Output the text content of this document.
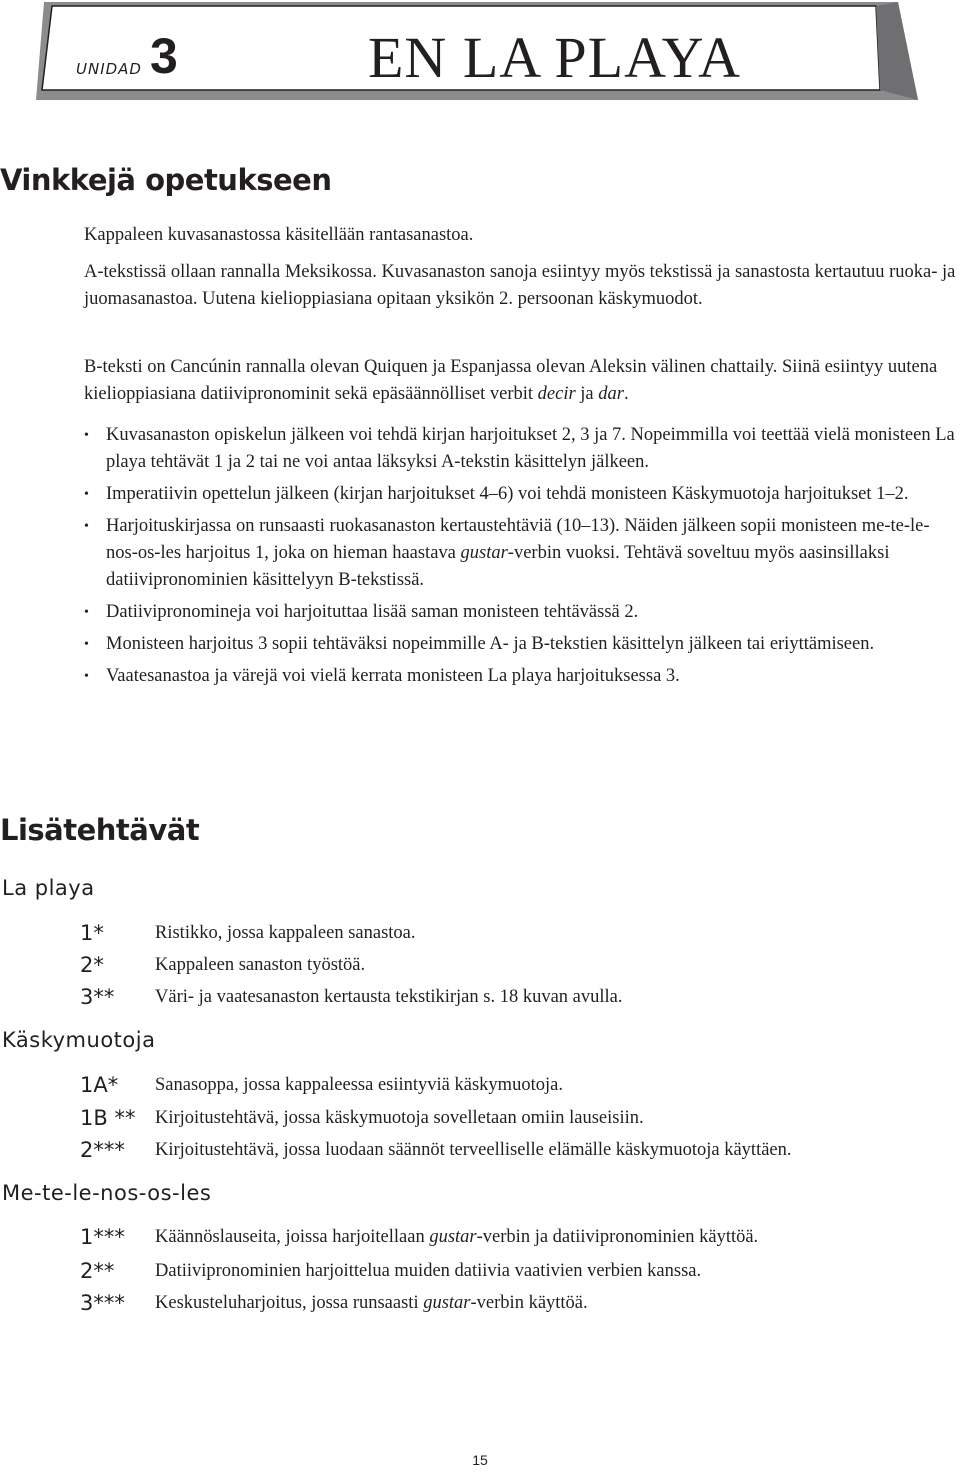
UNIDAD 3	EN LA PLAYA
Vinkkejä opetukseen

Kappaleen kuvasanastossa käsitellään rantasanastoa.

A-tekstissä ollaan rannalla Meksikossa. Kuvasanaston sanoja esiintyy myös tekstissä ja sanastosta kertautuu ruoka- ja juomasanastoa. Uutena kielioppiasiana opitaan yksikön 2. persoonan käskymuodot.

B-teksti on Cancúnin rannalla olevan Quiquen ja Espanjassa olevan Aleksin välinen chattaily. Siinä esiintyy uutena kielioppiasiana datiivipronominit sekä epäsäännölliset verbit decir ja dar.

• Kuvasanaston opiskelun jälkeen voi tehdä kirjan harjoitukset 2, 3 ja 7. Nopeimmilla voi teettää vielä monisteen La playa tehtävät 1 ja 2 tai ne voi antaa läksyksi A-tekstin käsittelyn jälkeen.
• Imperatiivin opettelun jälkeen (kirjan harjoitukset 4–6) voi tehdä monisteen Käskymuotoja harjoitukset 1–2.
• Harjoituskirjassa on runsaasti ruokasanaston kertaustehtäviä (10–13). Näiden jälkeen sopii monisteen me-te-le-nos-os-les harjoitus 1, joka on hieman haastava gustar-verbin vuoksi. Tehtävä soveltuu myös aasinsillaksi datiivipronominien käsittelyyn B-tekstissä.
• Datiivipronomineja voi harjoituttaa lisää saman monisteen tehtävässä 2.
• Monisteen harjoitus 3 sopii tehtäväksi nopeimmille A- ja B-tekstien käsittelyn jälkeen tai eriyttämiseen.
• Vaatesanastoa ja värejä voi vielä kerrata monisteen La playa harjoituksessa 3.
Lisätehtävät
La playa
1*	Ristikko, jossa kappaleen sanastoa.
2*	Kappaleen sanaston työstöä.
3** Väri- ja vaatesanaston kertausta tekstikirjan s. 18 kuvan avulla.
Käskymuotoja
1A* Sanasoppa, jossa kappaleessa esiintyviä käskymuotoja.
1B ** Kirjoitustehtävä, jossa käskymuotoja sovelletaan omiin lauseisiin.
2*** Kirjoitustehtävä, jossa luodaan säännöt terveelliselle elämälle käskymuotoja käyttäen.
Me-te-le-nos-os-les
1*** Käännöslauseita, joissa harjoitellaan gustar-verbin ja datiivipronominien käyttöä.
2** Datiivipronominien harjoittelua muiden datiivia vaativien verbien kanssa.
3*** Keskusteluharjoitus, jossa runsaasti gustar-verbin käyttöä.
15
